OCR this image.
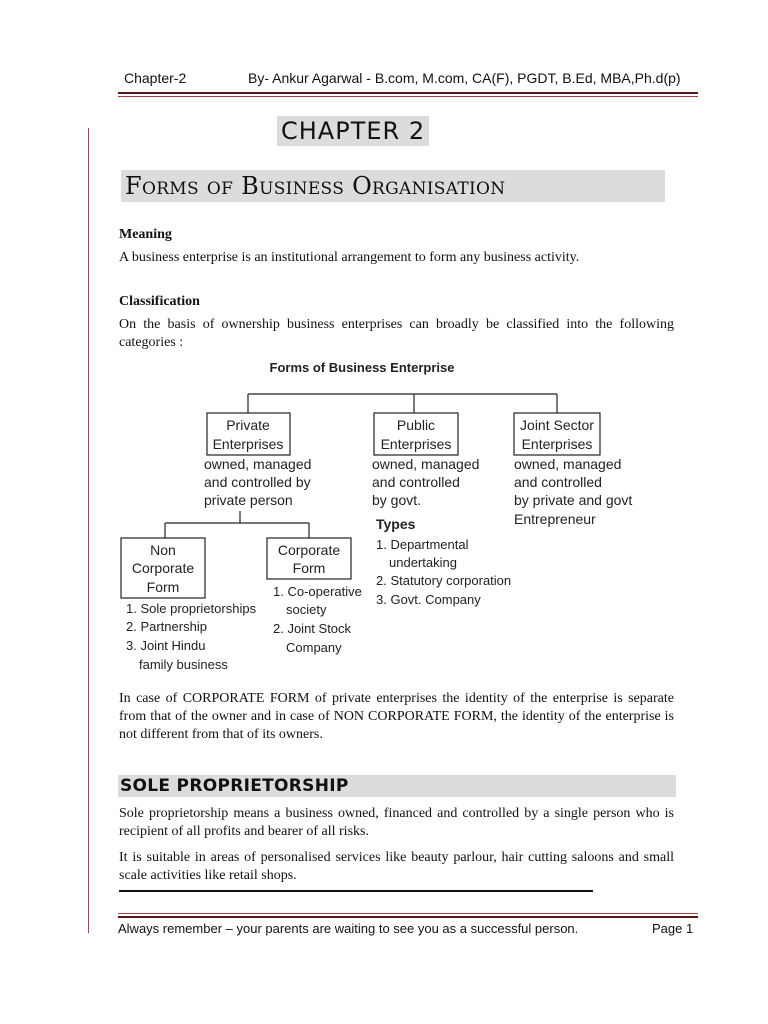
Chapter-2	By- Ankur Agarwal - B.com, M.com, CA(F), PGDT, B.Ed, MBA,Ph.d(p)
CHAPTER 2
Forms of Business Organisation
Meaning
A business enterprise is an institutional arrangement to form any business activity.
Classification
On the basis of ownership business enterprises can broadly be classified into the following categories :
Forms of Business Enterprise
Private
Enterprises
owned, managed
and controlled by
private person
Public
Enterprises
owned, managed
and controlled
by govt.
Types
1. Departmental
undertaking
2. Statutory corporation
3. Govt. Company
Joint Sector
Enterprises
owned, managed
and controlled
by private and govt
Entrepreneur
Non
Corporate
Form
1. Sole proprietorships
2. Partnership
3. Joint Hindu
family business
Corporate
Form
1. Co-operative
society
2. Joint Stock
Company
In case of CORPORATE FORM of private enterprises the identity of the enterprise is separate from that of the owner and in case of NON CORPORATE FORM, the identity of the enterprise is not different from that of its owners.
SOLE PROPRIETORSHIP
Sole proprietorship means a business owned, financed and controlled by a single person who is recipient of all profits and bearer of all risks.
It is suitable in areas of personalised services like beauty parlour, hair cutting saloons and small scale activities like retail shops.
Always remember – your parents are waiting to see you as a successful person.	Page 1
